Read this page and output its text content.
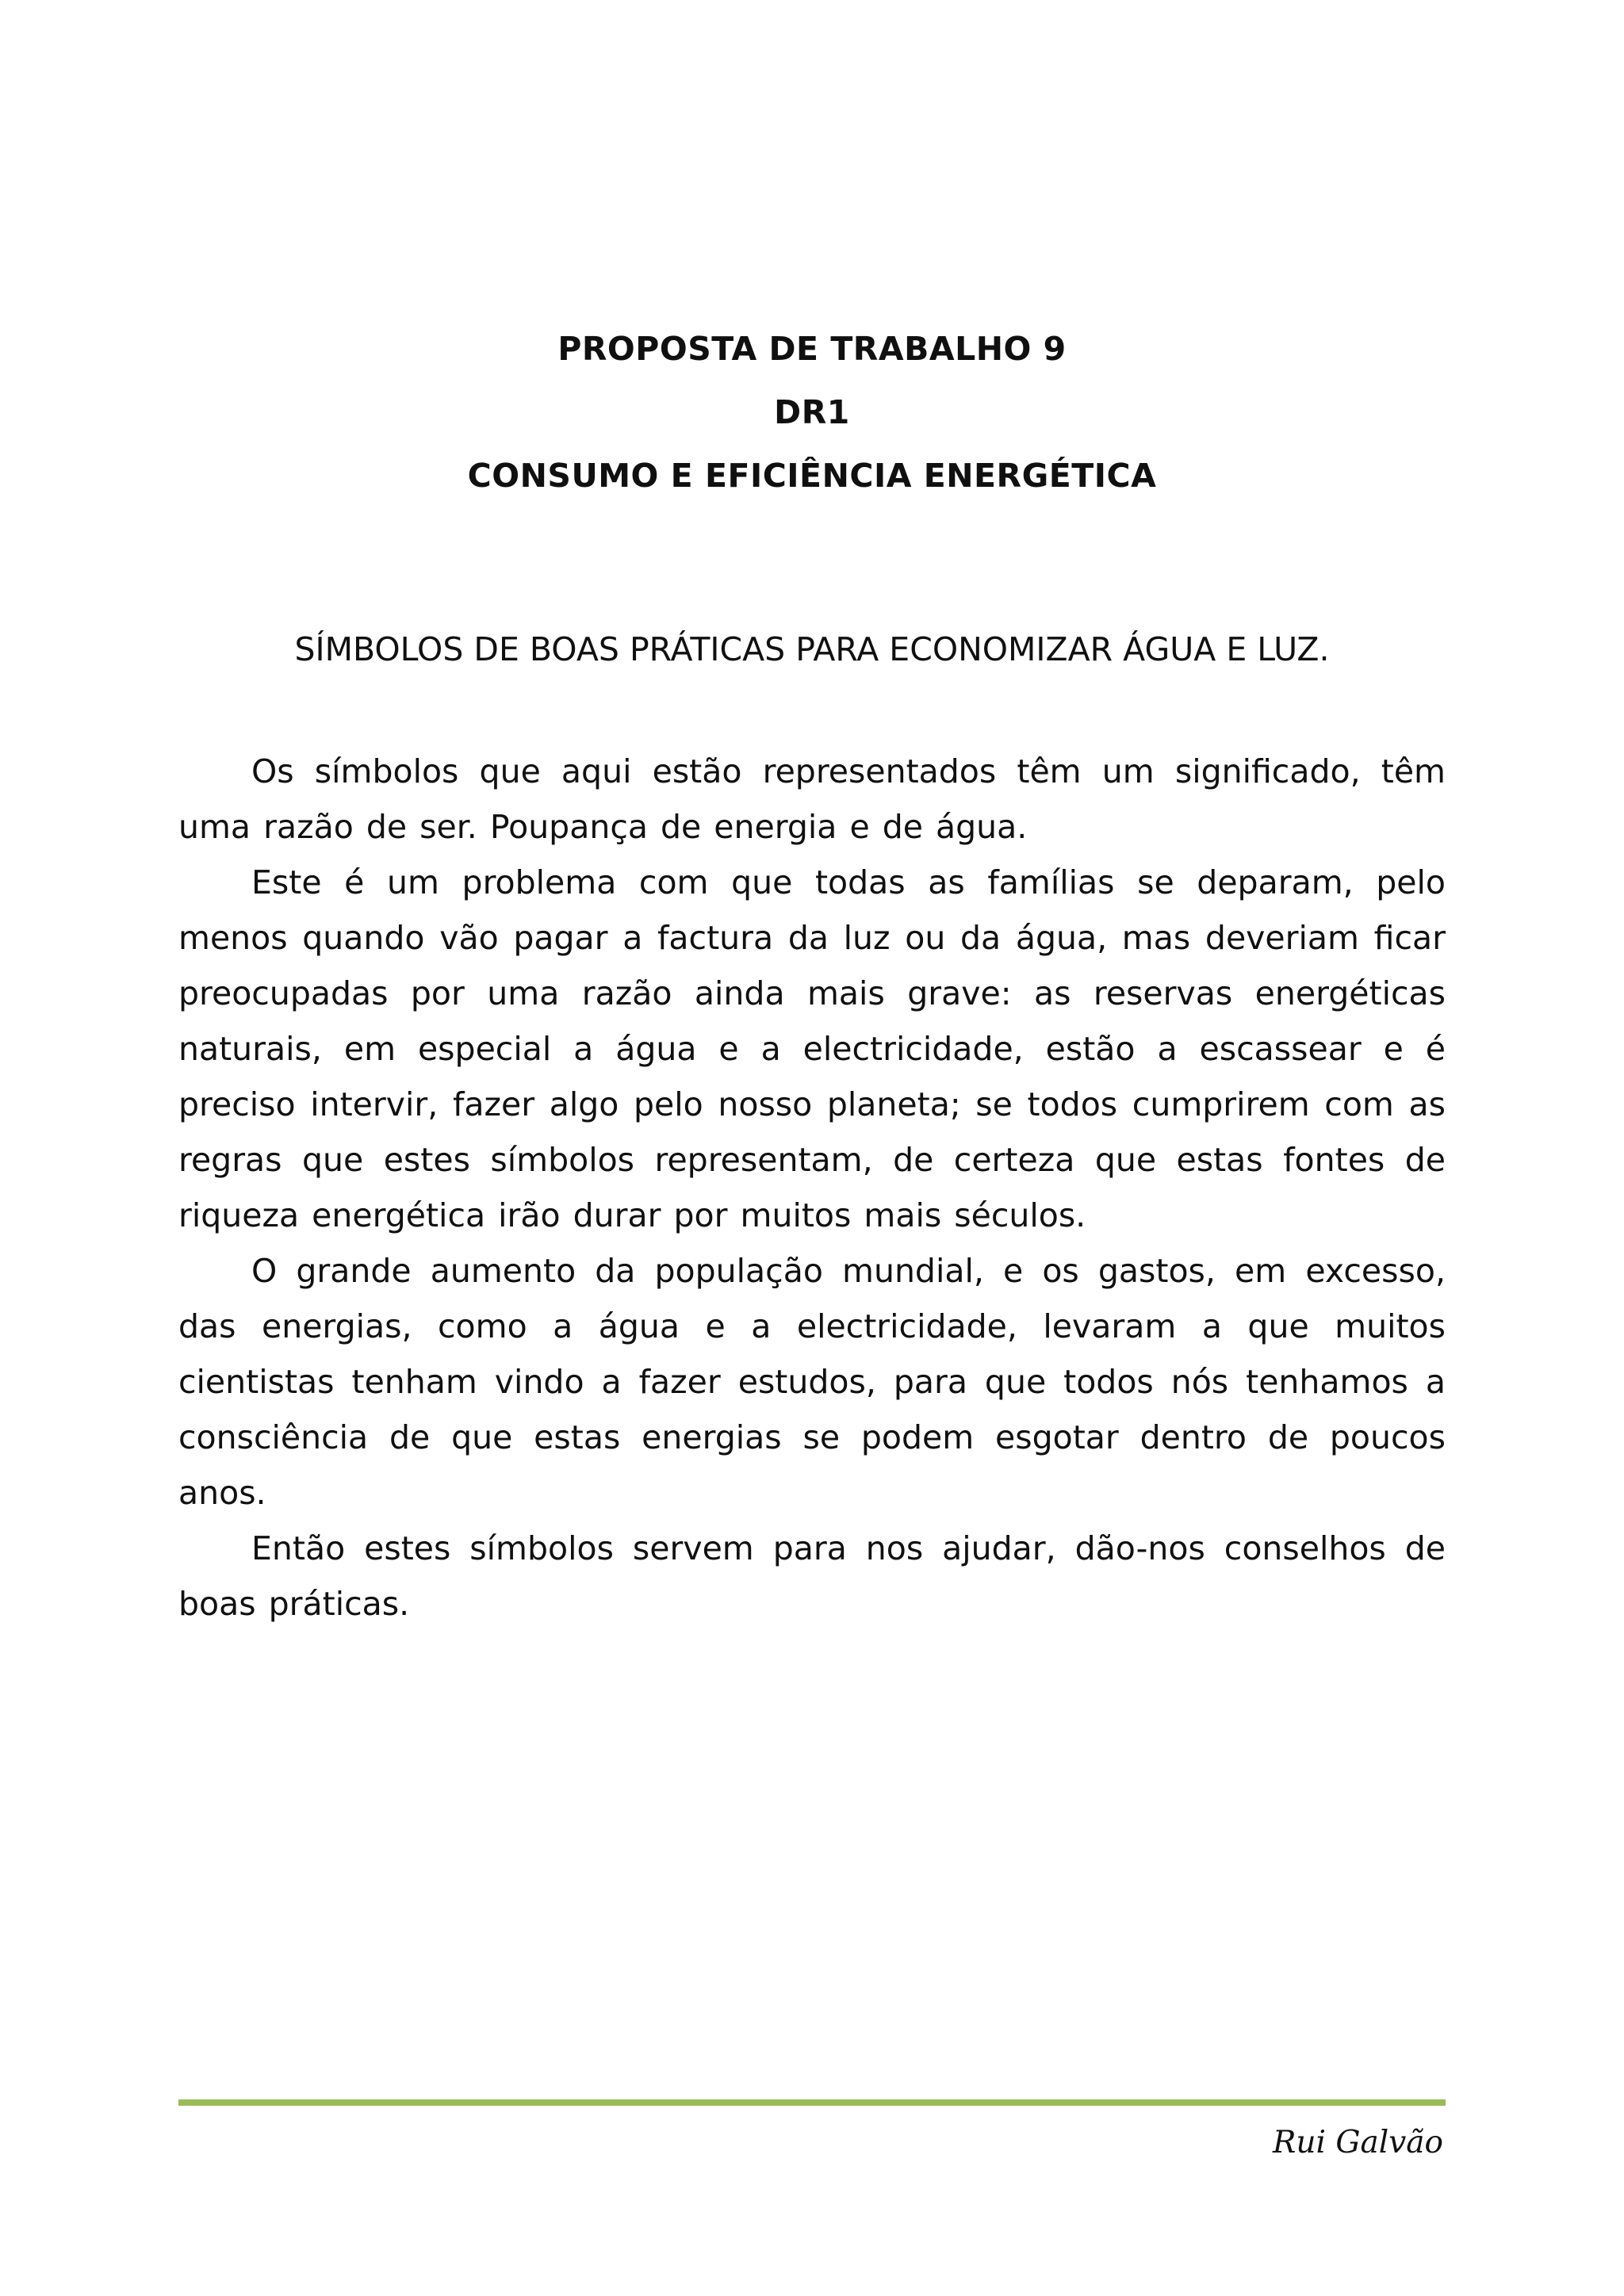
PROPOSTA DE TRABALHO 9
DR1
CONSUMO E EFICIÊNCIA ENERGÉTICA
SÍMBOLOS DE BOAS PRÁTICAS PARA ECONOMIZAR ÁGUA E LUZ.

Os símbolos que aqui estão representados têm um significado, têm uma razão de ser. Poupança de energia e de água.

Este é um problema com que todas as famílias se deparam, pelo menos quando vão pagar a factura da luz ou da água, mas deveriam ficar preocupadas por uma razão ainda mais grave: as reservas energéticas naturais, em especial a água e a electricidade, estão a escassear e é preciso intervir, fazer algo pelo nosso planeta; se todos cumprirem com as regras que estes símbolos representam, de certeza que estas fontes de riqueza energética irão durar por muitos mais séculos.

O grande aumento da população mundial, e os gastos, em excesso, das energias, como a água e a electricidade, levaram a que muitos cientistas tenham vindo a fazer estudos, para que todos nós tenhamos a consciência de que estas energias se podem esgotar dentro de poucos anos.

Então estes símbolos servem para nos ajudar, dão-nos conselhos de boas práticas.

Rui Galvão
